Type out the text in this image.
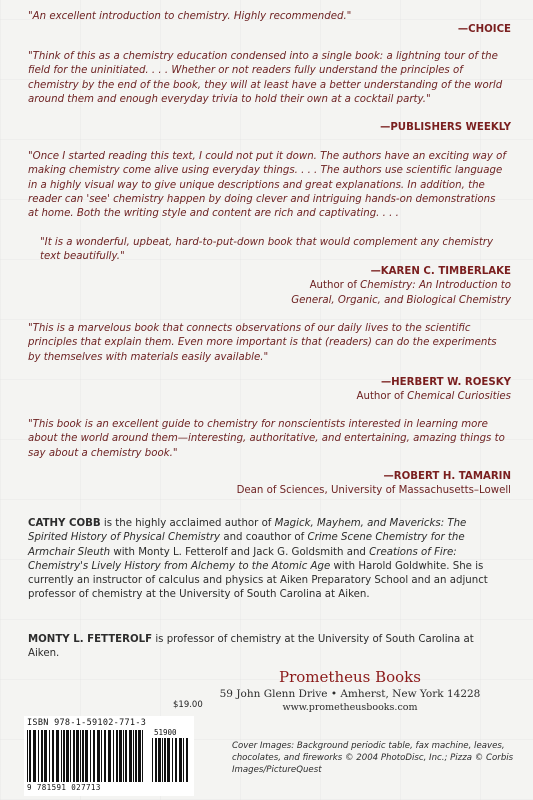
"An excellent introduction to chemistry. Highly recommended."

—CHOICE

"Think of this as a chemistry education condensed into a single book: a lightning tour of the field for the uninitiated. . . . Whether or not readers fully understand the principles of chemistry by the end of the book, they will at least have a better understanding of the world around them and enough everyday trivia to hold their own at a cocktail party."

—PUBLISHERS WEEKLY

"Once I started reading this text, I could not put it down. The authors have an exciting way of making chemistry come alive using everyday things. . . . The authors use scientific language in a highly visual way to give unique descriptions and great explanations. In addition, the reader can 'see' chemistry happen by doing clever and intriguing hands-on demonstrations at home. Both the writing style and content are rich and captivating. . . .

"It is a wonderful, upbeat, hard-to-put-down book that would complement any chemistry text beautifully."

—KAREN C. TIMBERLAKE
Author of Chemistry: An Introduction to General, Organic, and Biological Chemistry

"This is a marvelous book that connects observations of our daily lives to the scientific principles that explain them. Even more important is that (readers) can do the experiments by themselves with materials easily available."

—HERBERT W. ROESKY
Author of Chemical Curiosities

"This book is an excellent guide to chemistry for nonscientists interested in learning more about the world around them—interesting, authoritative, and entertaining, amazing things to say about a chemistry book."

—ROBERT H. TAMARIN
Dean of Sciences, University of Massachusetts–Lowell

CATHY COBB is the highly acclaimed author of Magick, Mayhem, and Mavericks: The Spirited History of Physical Chemistry and coauthor of Crime Scene Chemistry for the Armchair Sleuth with Monty L. Fetterolf and Jack G. Goldsmith and Creations of Fire: Chemistry's Lively History from Alchemy to the Atomic Age with Harold Goldwhite. She is currently an instructor of calculus and physics at Aiken Preparatory School and an adjunct professor of chemistry at the University of South Carolina at Aiken.

MONTY L. FETTEROLF is professor of chemistry at the University of South Carolina at Aiken.

Prometheus Books
59 John Glenn Drive • Amherst, New York 14228
www.prometheusbooks.com
$19.00
ISBN 978-1-59102-771-3
51900
9 781591 027713

Cover Images: Background periodic table, fax machine, leaves, chocolates, and fireworks © 2004 PhotoDisc, Inc.; Pizza © Corbis Images/PictureQuest
